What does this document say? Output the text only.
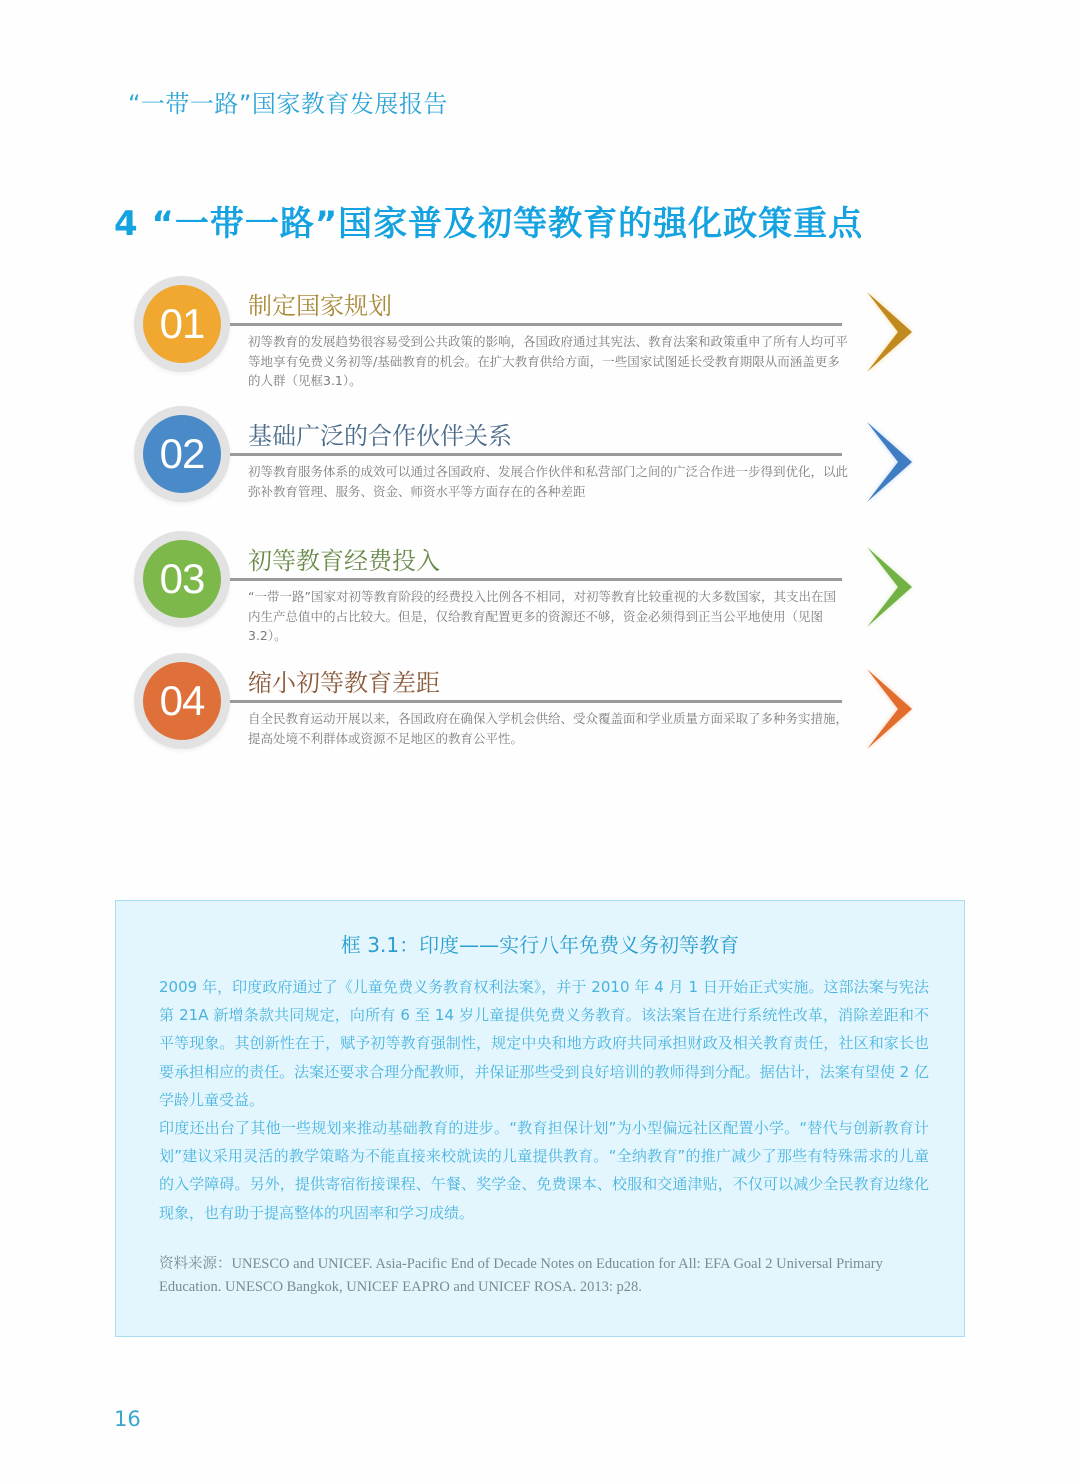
“一带一路”国家教育发展报告
4 “一带一路”国家普及初等教育的强化政策重点
01	制定国家规划
初等教育的发展趋势很容易受到公共政策的影响，各国政府通过其宪法、教育法案和政策重申了所有人均可平等地享有免费义务初等/基础教育的机会。在扩大教育供给方面，一些国家试图延长受教育期限从而涵盖更多的人群（见框3.1）。
02	基础广泛的合作伙伴关系
初等教育服务体系的成效可以通过各国政府、发展合作伙伴和私营部门之间的广泛合作进一步得到优化，以此弥补教育管理、服务、资金、师资水平等方面存在的各种差距
03	初等教育经费投入
“一带一路”国家对初等教育阶段的经费投入比例各不相同，对初等教育比较重视的大多数国家，其支出在国内生产总值中的占比较大。但是，仅给教育配置更多的资源还不够，资金必须得到正当公平地使用（见图3.2）。
04	缩小初等教育差距
自全民教育运动开展以来，各国政府在确保入学机会供给、受众覆盖面和学业质量方面采取了多种务实措施，提高处境不利群体或资源不足地区的教育公平性。
框 3.1：印度——实行八年免费义务初等教育

2009 年，印度政府通过了《儿童免费义务教育权利法案》，并于 2010 年 4 月 1 日开始正式实施。这部法案与宪法第 21A 新增条款共同规定，向所有 6 至 14 岁儿童提供免费义务教育。该法案旨在进行系统性改革，消除差距和不平等现象。其创新性在于，赋予初等教育强制性，规定中央和地方政府共同承担财政及相关教育责任，社区和家长也要承担相应的责任。法案还要求合理分配教师，并保证那些受到良好培训的教师得到分配。据估计，法案有望使 2 亿学龄儿童受益。

印度还出台了其他一些规划来推动基础教育的进步。“教育担保计划”为小型偏远社区配置小学。“替代与创新教育计划”建议采用灵活的教学策略为不能直接来校就读的儿童提供教育。“全纳教育”的推广减少了那些有特殊需求的儿童的入学障碍。另外，提供寄宿衔接课程、午餐、奖学金、免费课本、校服和交通津贴，不仅可以减少全民教育边缘化现象，也有助于提高整体的巩固率和学习成绩。

资料来源：UNESCO and UNICEF. Asia-Pacific End of Decade Notes on Education for All: EFA Goal 2 Universal Primary Education. UNESCO Bangkok, UNICEF EAPRO and UNICEF ROSA. 2013: p28.
16
